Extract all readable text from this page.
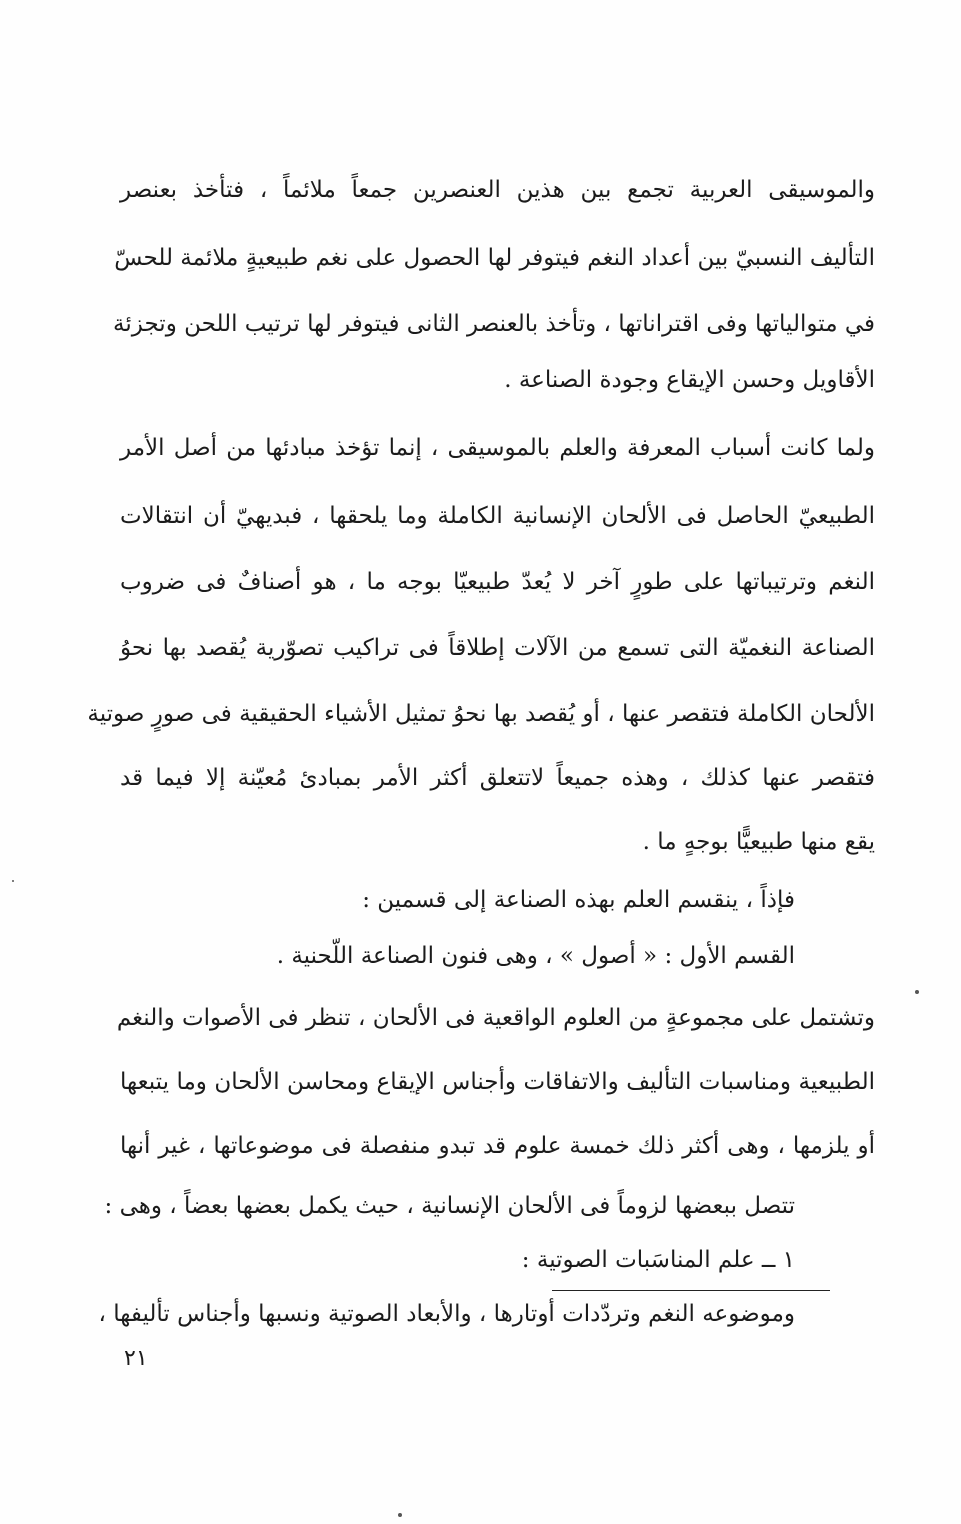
والموسيقى العربية تجمع بين هذين العنصرين جمعاً ملائماً ، فتأخذ بعنصر
التأليف النسبيّ بين أعداد النغم فيتوفر لها الحصول على نغم طبيعيةٍ ملائمة للحسّ
في متوالياتها وفى اقتراناتها ، وتأخذ بالعنصر الثانى فيتوفر لها ترتيب اللحن وتجزئة
الأقاويل وحسن الإيقاع وجودة الصناعة .
ولما كانت أسباب المعرفة والعلم بالموسيقى ، إنما تؤخذ مبادئها من أصل الأمر
الطبيعيّ الحاصل فى الألحان الإنسانية الكاملة وما يلحقها ، فبديهيّ أن انتقالات
النغم وترتيباتها على طورٍ آخر لا يُعدّ طبيعيّا بوجه ما ، هو أصنافٌ فى ضروب
الصناعة النغميّة التى تسمع من الآلات إطلاقاً فى تراكيب تصوّرية يُقصد بها نحوُ
الألحان الكاملة فتقصر عنها ، أو يُقصد بها نحوُ تمثيل الأشياء الحقيقية فى صورٍ صوتية
فتقصر عنها كذلك ، وهذه جميعاً لاتتعلق أكثر الأمر بمبادئ مُعيّنة إلا فيما قد
يقع منها طبيعيًّا بوجهٍ ما .
فإذاً ، ينقسم العلم بهذه الصناعة إلى قسمين :
القسم الأول : « أصول » ، وهى فنون الصناعة اللّحنية .
وتشتمل على مجموعةٍ من العلوم الواقعية فى الألحان ، تنظر فى الأصوات والنغم
الطبيعية ومناسبات التأليف والاتفاقات وأجناس الإيقاع ومحاسن الألحان وما يتبعها
أو يلزمها ، وهى أكثر ذلك خمسة علوم قد تبدو منفصلة فى موضوعاتها ، غير أنها
تتصل ببعضها لزوماً فى الألحان الإنسانية ، حيث يكمل بعضها بعضاً ، وهى :
١ ــ علم المناسَبات الصوتية :
وموضوعه النغم وتردّدات أوتارها ، والأبعاد الصوتية ونسبها وأجناس تأليفها ،
٢١
